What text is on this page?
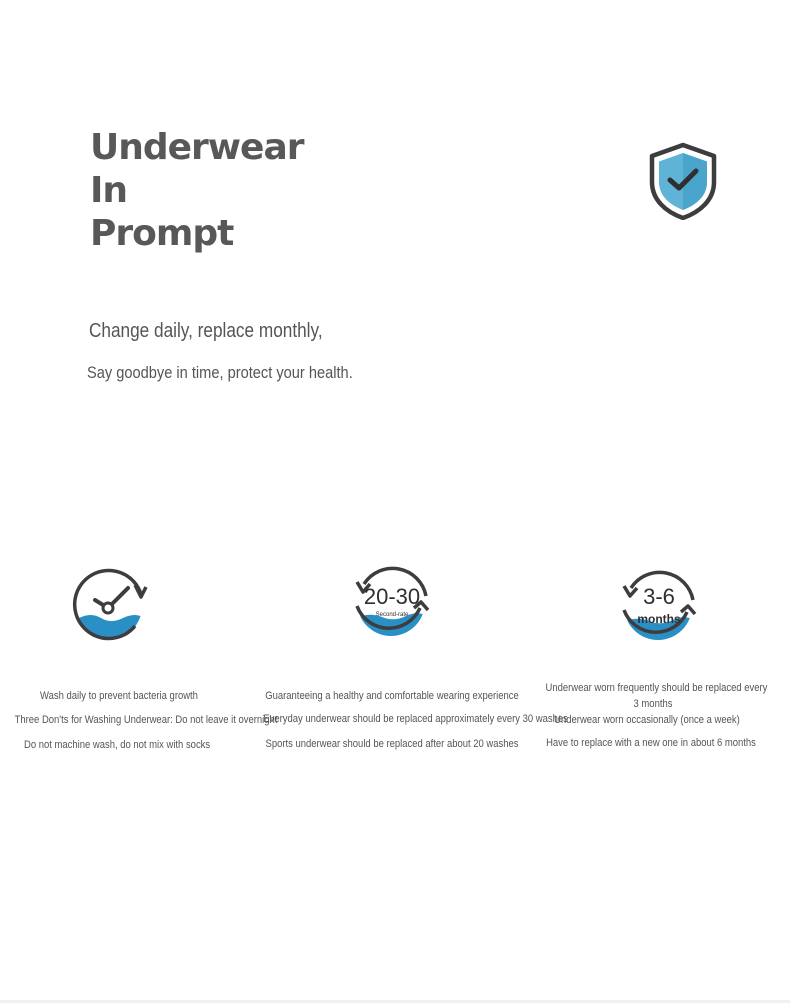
Underwear
In
Prompt
Change daily, replace monthly,
Say goodbye in time, protect your health.
20-30
Second-rate
3-6
months
Wash daily to prevent bacteria growth
Three Don'ts for Washing Underwear: Do not leave it overnight
Do not machine wash, do not mix with socks
Guaranteeing a healthy and comfortable wearing experience
Everyday underwear should be replaced approximately every 30 washes
Sports underwear should be replaced after about 20 washes
Underwear worn frequently should be replaced every
3 months
Underwear worn occasionally (once a week)
Have to replace with a new one in about 6 months
